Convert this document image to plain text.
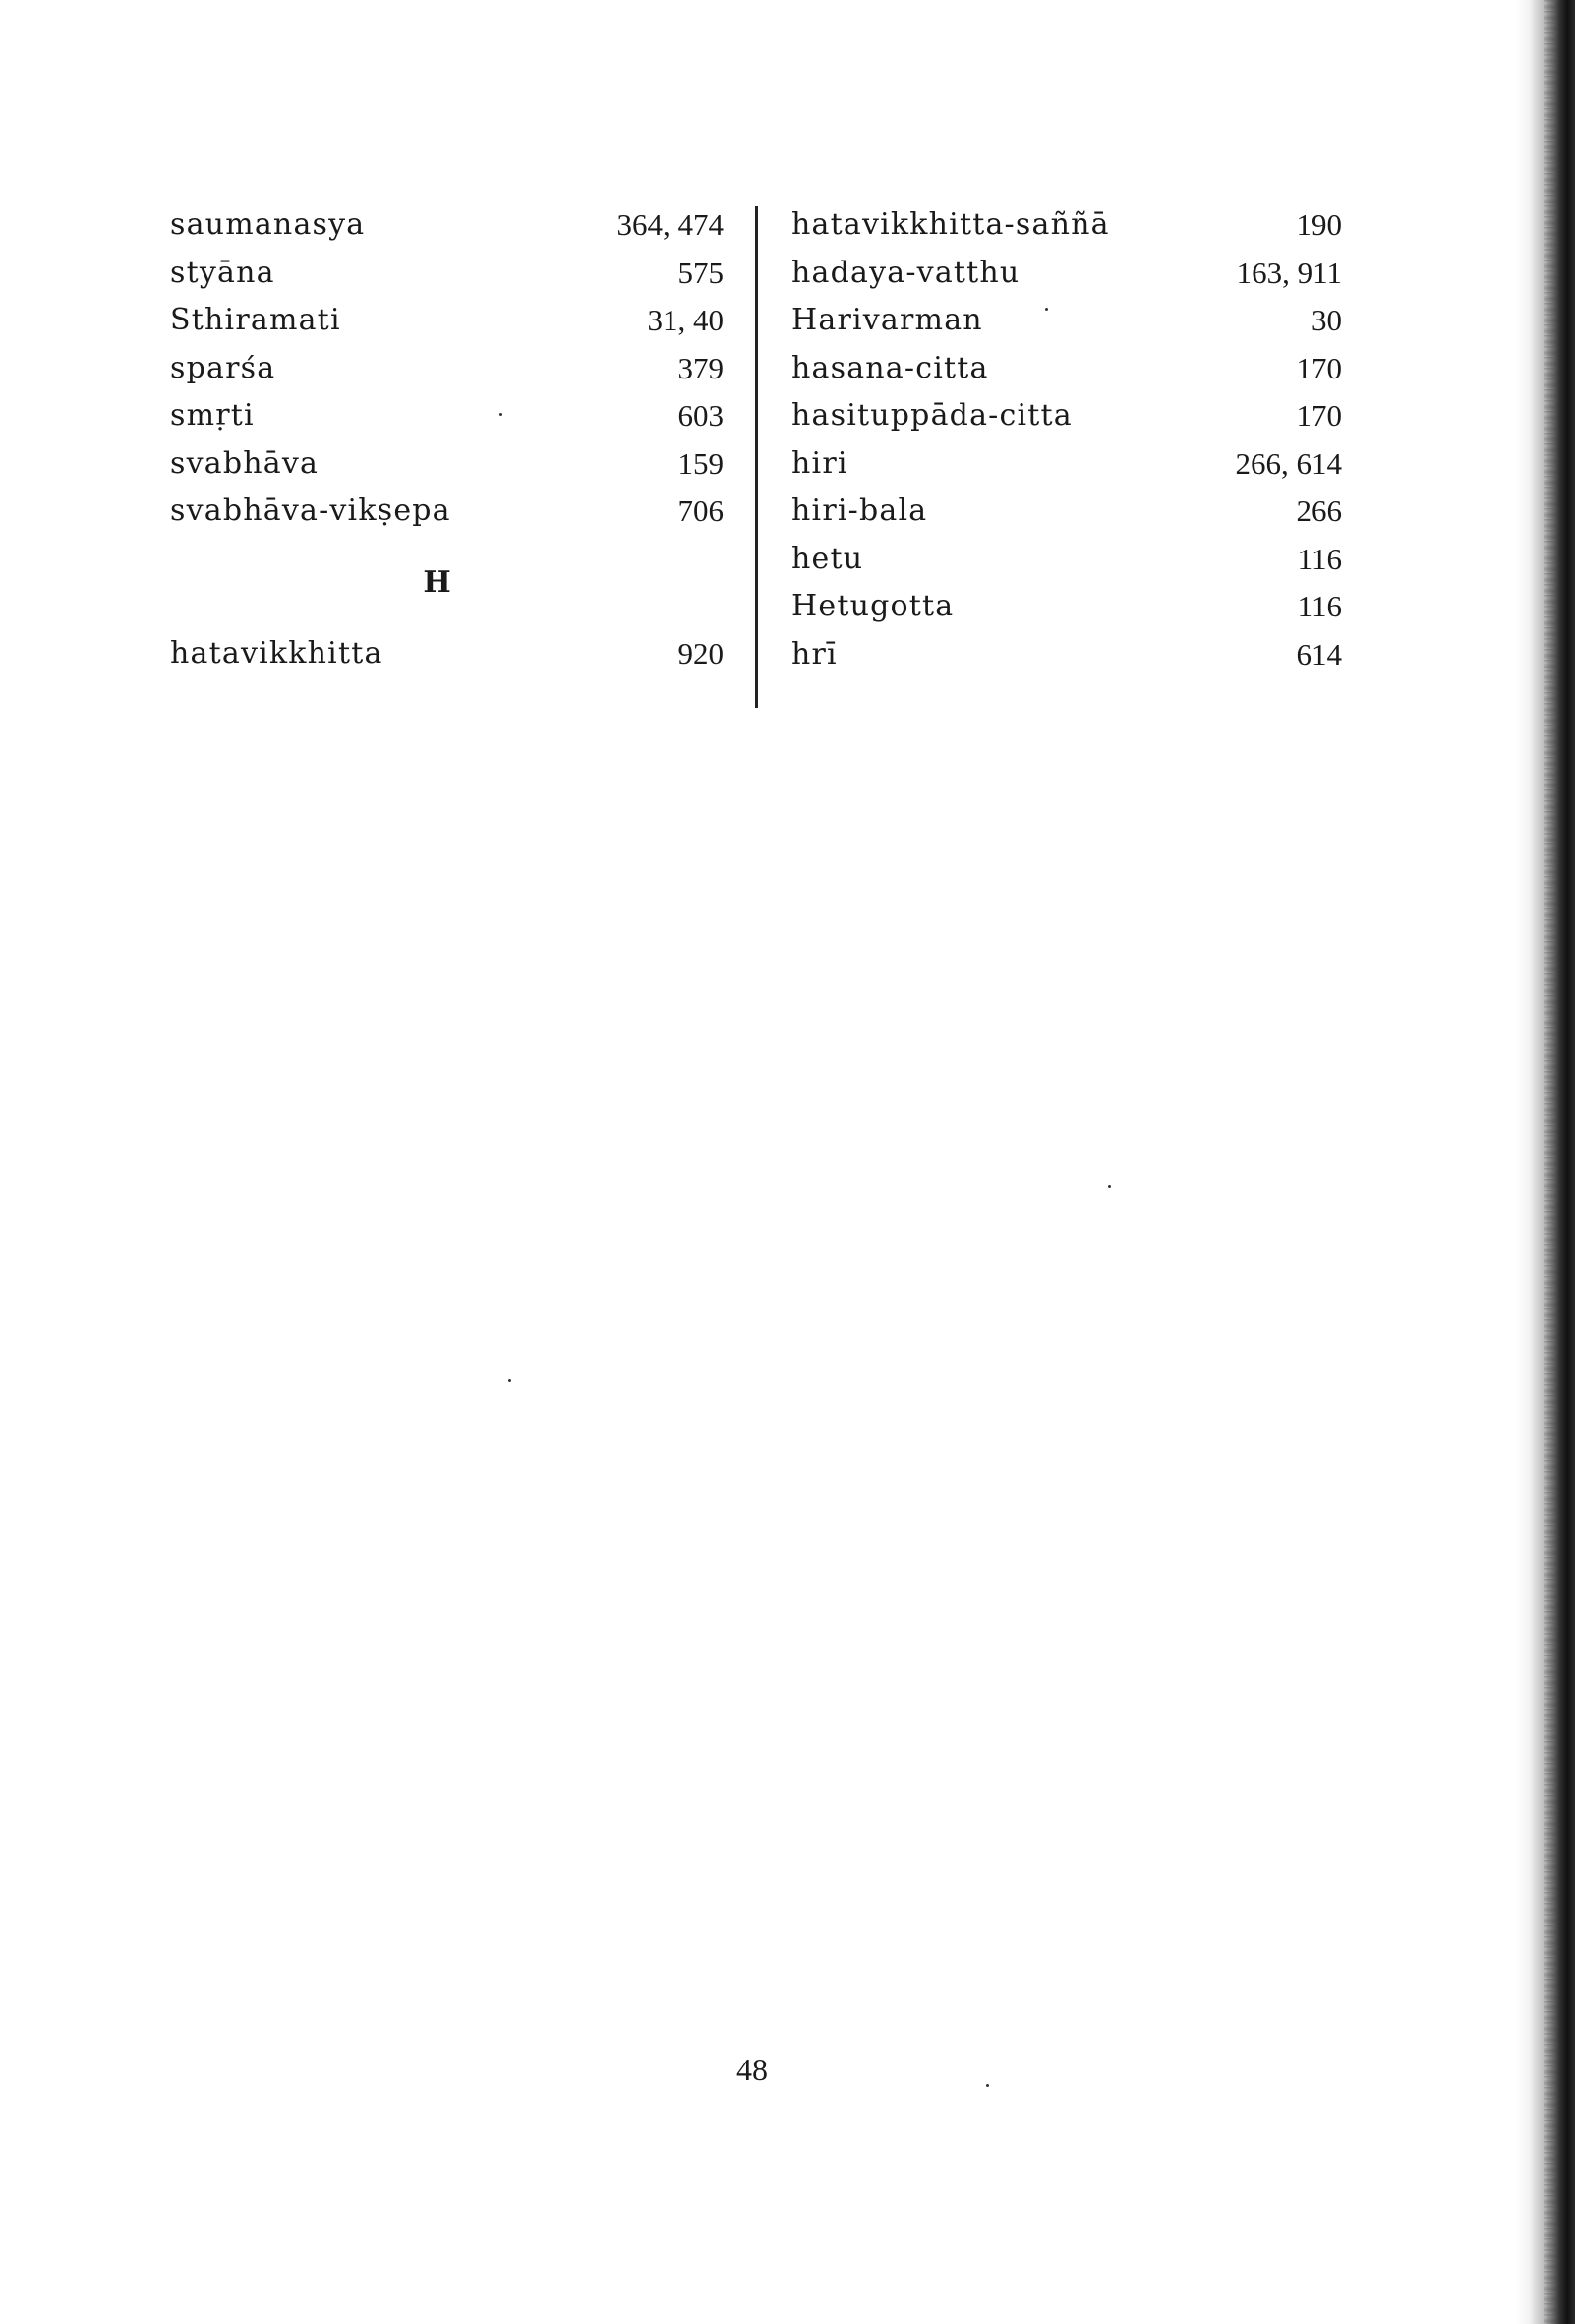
saumanasya	364, 474
styāna	575
Sthiramati	31, 40
sparśa	379
smṛti	603
svabhāva	159
svabhāva-vikṣepa	706
H
hatavikkhitta	920
hatavikkhitta-saññā	190
hadaya-vatthu	163, 911
Harivarman	30
hasana-citta	170
hasituppāda-citta	170
hiri	266, 614
hiri-bala	266
hetu	116
Hetugotta	116
hrī	614
48
